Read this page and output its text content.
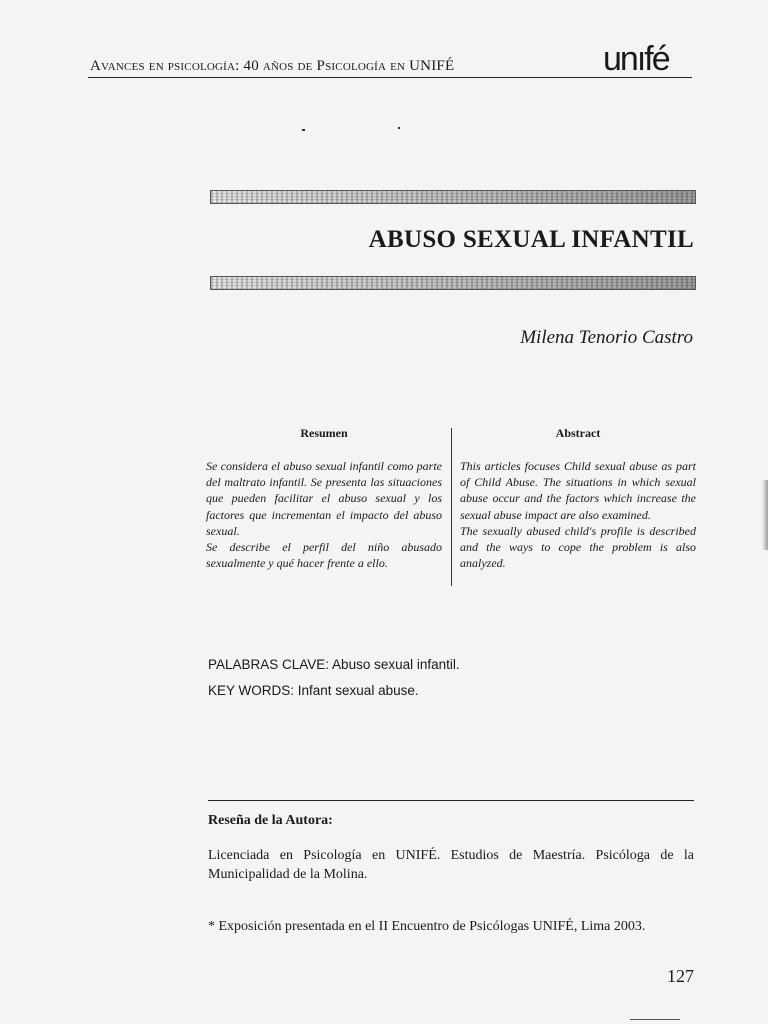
Avances en psicología: 40 años de Psicología en UNIFÉ	unıfé
ABUSO SEXUAL INFANTIL
Milena Tenorio Castro

Resumen

Se considera el abuso sexual infantil como parte del maltrato infantil. Se presenta las situaciones que pueden facilitar el abuso sexual y los factores que incrementan el impacto del abuso sexual.

Se describe el perfil del niño abusado sexualmente y qué hacer frente a ello.

Abstract

This articles focuses Child sexual abuse as part of Child Abuse. The situations in which sexual abuse occur and the factors which increase the sexual abuse impact are also examined.

The sexually abused child's profile is described and the ways to cope the problem is also analyzed.

PALABRAS CLAVE: Abuso sexual infantil.
KEY WORDS: Infant sexual abuse.
Reseña de la Autora:

Licenciada en Psicología en UNIFÉ. Estudios de Maestría. Psicóloga de la Municipalidad de la Molina.

* Exposición presentada en el II Encuentro de Psicólogas UNIFÉ, Lima 2003.
127
